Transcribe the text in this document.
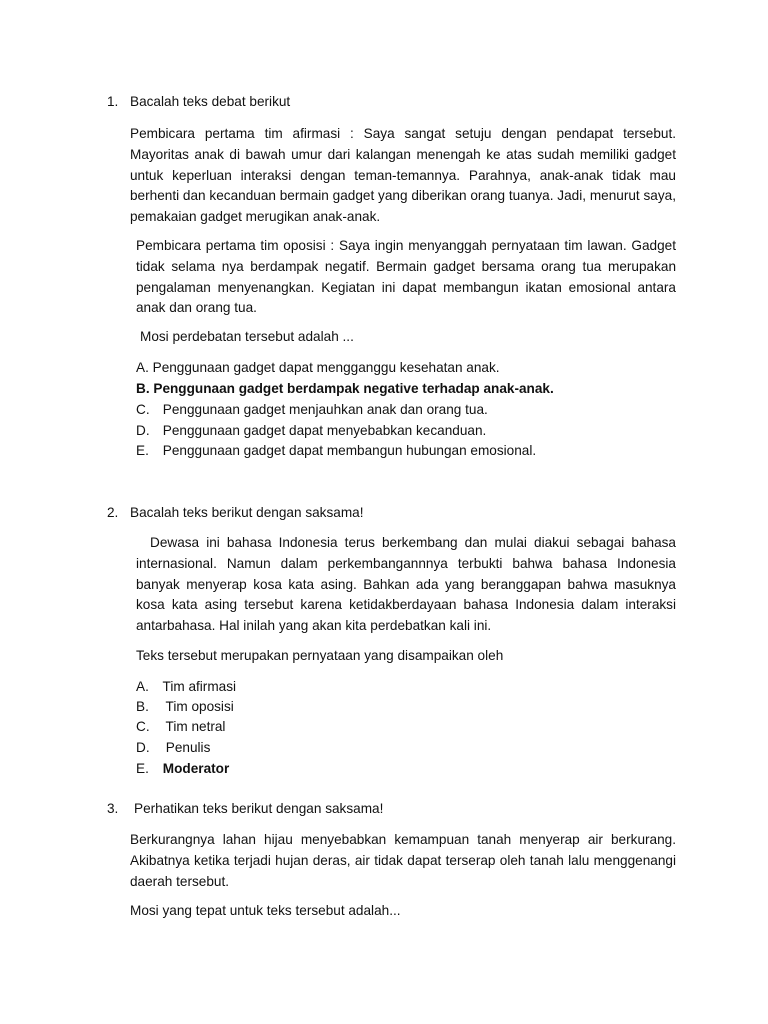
1. Bacalah teks debat berikut

Pembicara pertama tim afirmasi : Saya sangat setuju dengan pendapat tersebut. Mayoritas anak di bawah umur dari kalangan menengah ke atas sudah memiliki gadget untuk keperluan interaksi dengan teman-temannya. Parahnya, anak-anak tidak mau berhenti dan kecanduan bermain gadget yang diberikan orang tuanya. Jadi, menurut saya, pemakaian gadget merugikan anak-anak.

Pembicara pertama tim oposisi : Saya ingin menyanggah pernyataan tim lawan. Gadget tidak selama nya berdampak negatif. Bermain gadget bersama orang tua merupakan pengalaman menyenangkan. Kegiatan ini dapat membangun ikatan emosional antara anak dan orang tua.

Mosi perdebatan tersebut adalah ...
A. Penggunaan gadget dapat mengganggu kesehatan anak.
B. Penggunaan gadget berdampak negative terhadap anak-anak.
C. Penggunaan gadget menjauhkan anak dan orang tua.
D. Penggunaan gadget dapat menyebabkan kecanduan.
E. Penggunaan gadget dapat membangun hubungan emosional.
2. Bacalah teks berikut dengan saksama!

Dewasa ini bahasa Indonesia terus berkembang dan mulai diakui sebagai bahasa internasional. Namun dalam perkembangannnya terbukti bahwa bahasa Indonesia banyak menyerap kosa kata asing. Bahkan ada yang beranggapan bahwa masuknya kosa kata asing tersebut karena ketidakberdayaan bahasa Indonesia dalam interaksi antarbahasa. Hal inilah yang akan kita perdebatkan kali ini.

Teks tersebut merupakan pernyataan yang disampaikan oleh
A. Tim afirmasi
B. Tim oposisi
C. Tim netral
D. Penulis
E. Moderator
3. Perhatikan teks berikut dengan saksama!

Berkurangnya lahan hijau menyebabkan kemampuan tanah menyerap air berkurang. Akibatnya ketika terjadi hujan deras, air tidak dapat terserap oleh tanah lalu menggenangi daerah tersebut.

Mosi yang tepat untuk teks tersebut adalah...
